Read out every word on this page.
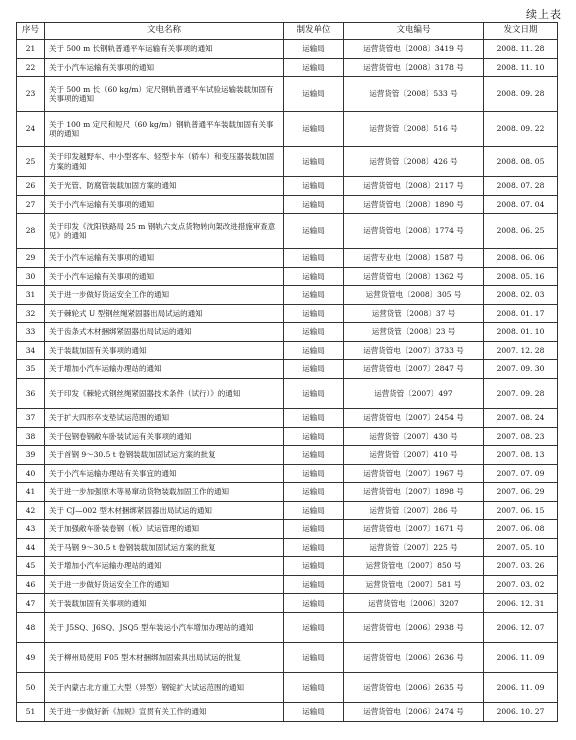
续上表
序号	文电名称	制发单位	文电编号	发文日期
21	关于 500 m 长钢轨普通平车运输有关事项的通知	运输局	运营货管电〔2008〕3419 号	2008. 11. 28
22	关于小汽车运输有关事项的通知	运输局	运营货管电〔2008〕3178 号	2008. 11. 10
23	关于 500 m 长（60 kg/m）定尺钢轨普通平车试验运输装载加固有关事项的通知	运输局	运营货管〔2008〕533 号	2008. 09. 28
24	关于 100 m 定尺和短尺（60 kg/m）钢轨普通平车装载加固有关事项的通知	运输局	运营货管〔2008〕516 号	2008. 09. 22
25	关于印发越野车、中小型客车、轻型卡车（轿车）和变压器装载加固方案的通知	运输局	运营货管〔2008〕426 号	2008. 08. 05
26	关于光管、防腐管装载加固方案的通知	运输局	运营货管电〔2008〕2117 号	2008. 07. 28
27	关于小汽车运输有关事项的通知	运输局	运营货管电〔2008〕1890 号	2008. 07. 04
28	关于印发《沈阳铁路局 25 m 钢轨六支点货物转向架改进措施审查意见》的通知	运输局	运营货管电〔2008〕1774 号	2008. 06. 25
29	关于小汽车运输有关事项的通知	运输局	运营专业电〔2008〕1587 号	2008. 06. 06
30	关于小汽车运输有关事项的通知	运输局	运营货管电〔2008〕1362 号	2008. 05. 16
31	关于进一步做好货运安全工作的通知	运输局	运营货管电〔2008〕305 号	2008. 02. 03
32	关于棘轮式 U 型钢丝绳紧固器出局试运的通知	运输局	运营货管〔2008〕37 号	2008. 01. 17
33	关于齿条式木材捆绑紧固器出局试运的通知	运输局	运营货管〔2008〕23 号	2008. 01. 10
34	关于装载加固有关事项的通知	运输局	运营货管电〔2007〕3733 号	2007. 12. 28
35	关于增加小汽车运输办理站的通知	运输局	运营货管电〔2007〕2847 号	2007. 09. 30
36	关于印发《棘轮式钢丝绳紧固器技术条件（试行）》的通知	运输局	运营货管〔2007〕497	2007. 09. 28
37	关于扩大四形卒支垫试运范围的通知	运输局	运营货管电〔2007〕2454 号	2007. 08. 24
38	关于包钢卷钢敞车卧装试运有关事项的通知	运输局	运营货管〔2007〕430 号	2007. 08. 23
39	关于首钢 9～30.5 t 卷钢装载加固试运方案的批复	运输局	运营货管〔2007〕410 号	2007. 08. 13
40	关于小汽车运输办理站有关事宜的通知	运输局	运营货管电〔2007〕1967 号	2007. 07. 09
41	关于进一步加强原木等易窜动货物装载加固工作的通知	运输局	运营货管电〔2007〕1898 号	2007. 06. 29
42	关于 CJ—002 型木材捆绑紧固器出局试运的通知	运输局	运营货管〔2007〕286 号	2007. 06. 15
43	关于加强敞车卧装卷钢（板）试运管理的通知	运输局	运营货管电〔2007〕1671 号	2007. 06. 08
44	关于马钢 9～30.5 t 卷钢装载加固试运方案的批复	运输局	运营货管〔2007〕225 号	2007. 05. 10
45	关于增加小汽车运输办理站的通知	运输局	运营货管电〔2007〕850 号	2007. 03. 26
46	关于进一步做好货运安全工作的通知	运输局	运营货管电〔2007〕581 号	2007. 03. 02
47	关于装载加固有关事项的通知	运输局	运营货管电〔2006〕3207	2006. 12. 31
48	关于 J5SQ、J6SQ、JSQ5 型车装运小汽车增加办理站的通知	运输局	运营货管电〔2006〕2938 号	2006. 12. 07
49	关于柳州局使用 F05 型木材捆绑加固索具出局试运的批复	运输局	运营货管电〔2006〕2636 号	2006. 11. 09
50	关于内蒙古北方重工大型（异型）钢锭扩大试运范围的通知	运输局	运营货管电〔2006〕2635 号	2006. 11. 09
51	关于进一步做好新《加规》宣贯有关工作的通知	运输局	运营货管电〔2006〕2474 号	2006. 10. 27
